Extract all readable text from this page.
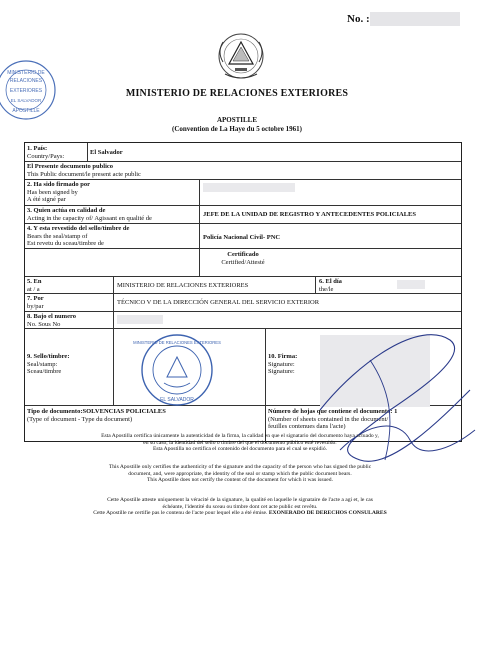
No. :
MINISTERIO DE RELACIONES EXTERIORES
MINISTERIO DE
RELACIONES
EXTERIORES
EL SALVADOR
APOSTILLE
APOSTILLE
(Convention de La Haye du 5 octobre 1961)
1. País:
Country/Pays:	El Salvador
El Presente documento publico
This Public document/le present acte public
2. Ha sido firmado por
Has been signed by
A été signé par
3. Quien actúa en calidad de
Acting in the capacity of/ Agissant en qualité de	JEFE DE LA UNIDAD DE REGISTRO Y ANTECEDENTES POLICIALES
4. Y esta revestido del sello/timbre de
Bears the seal/stamp of
Est revetu du sceau/timbre de
Policía Nacional Civil- PNC
Certificado
Certified/Attesté
5. En
at / a	MINISTERIO DE RELACIONES EXTERIORES
6. El día
the/le
7. Por
by/par	TÉCNICO V DE LA DIRECCIÓN GENERAL DEL SERVICIO EXTERIOR
8. Bajo el numero
No. Sous No
9. Sello/timbre:
Seal/stamp:
Sceau/timbre
10. Firma:
Signature:
Signature:
Tipo de documento:SOLVENCIAS POLICIALES
(Type of document - Type du document)
Número de hojas que contiene el documento: 1
(Number of sheets contained in the document/
feuilles contenues dans l'acte)
MINISTERIO DE RELACIONES EXTERIORES
EL SALVADOR
Esta Apostilla certifica únicamente la autenticidad de la firma, la calidad en que el signatario del documento haya actuado y,
en su caso, la identidad del sello o timbre del que el documento público esté revestido.
Esta Apostilla no certifica el contenido del documento para el cual se expidió.
This Apostille only certifies the authenticity of the signature and the capacity of the person who has signed the public
document, and, were appropriate, the identity of the seal or stamp which the public document bears.
This Apostille does not certify the content of the document for which it was issued.
Cette Apostille atteste uniquement la véracité de la signature, la qualité en laquelle le signataire de l'acte a agi et, le cas
échéante, l'identité du sceau ou timbre dont cet acte public est revêtu.
Cette Apostille ne certifie pas le contenu de l'acte pour lequel elle a été émise. EXONERADO DE DERECHOS CONSULARES
